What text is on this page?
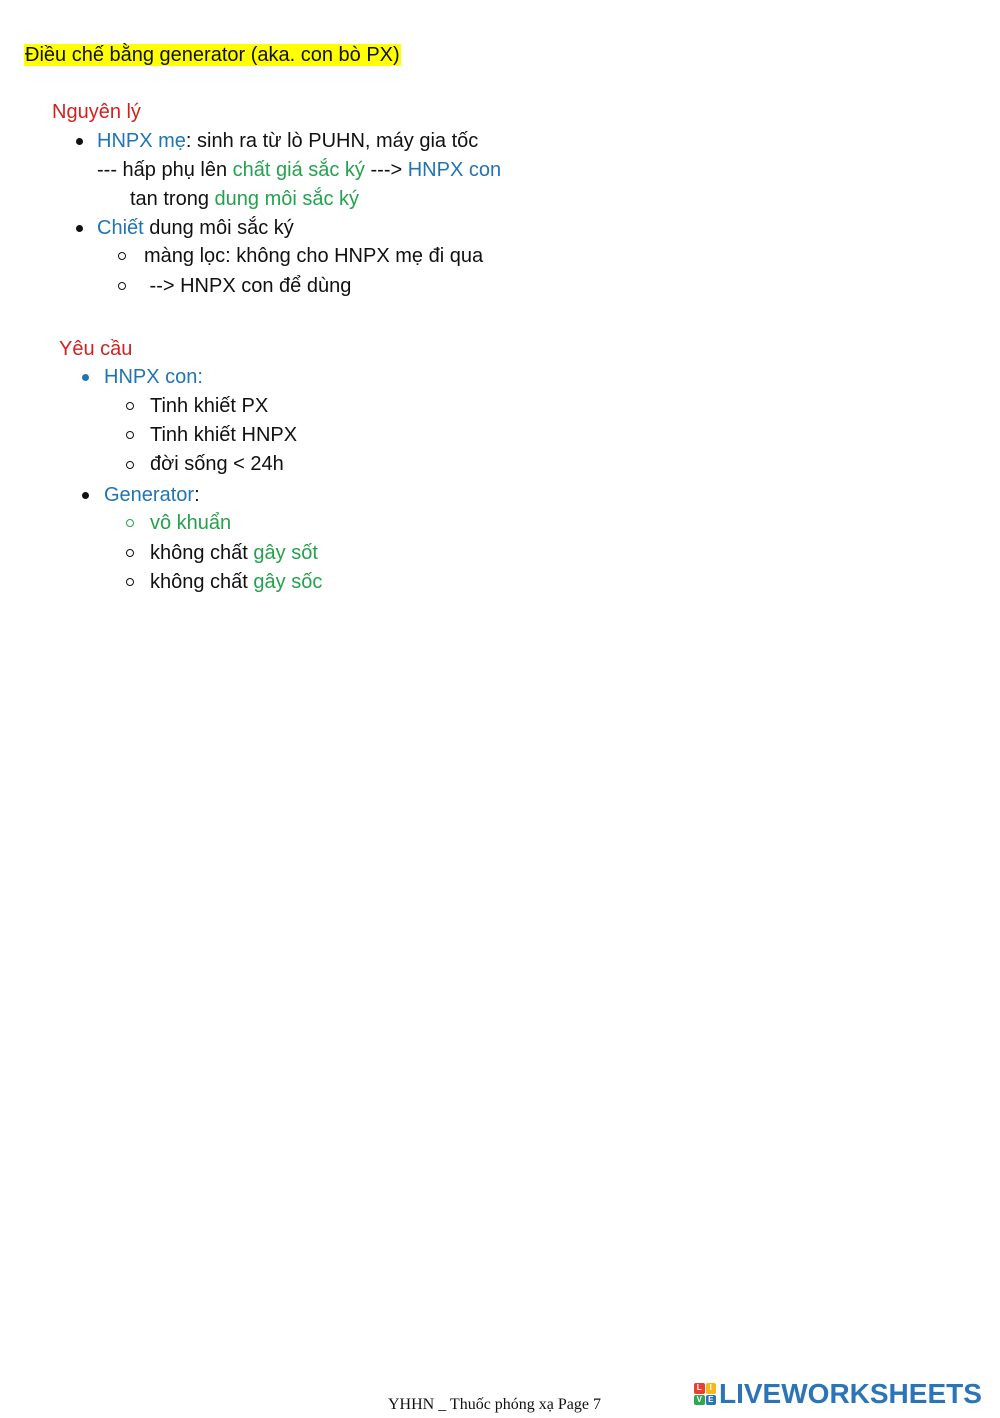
Điều chế bằng generator (aka. con bò PX)
Nguyên lý
HNPX mẹ: sinh ra từ lò PUHN, máy gia tốc
--- hấp phụ lên chất giá sắc ký ---> HNPX con
tan trong dung môi sắc ký
Chiết dung môi sắc ký
màng lọc: không cho HNPX mẹ đi qua
--> HNPX con để dùng
Yêu cầu
HNPX con:
Tinh khiết PX
Tinh khiết HNPX
đời sống < 24h
Generator:
vô khuẩn
không chất gây sốt
không chất gây sốc
YHHN _ Thuốc phóng xạ Page 7
L I
V E LIVEWORKSHEETS
